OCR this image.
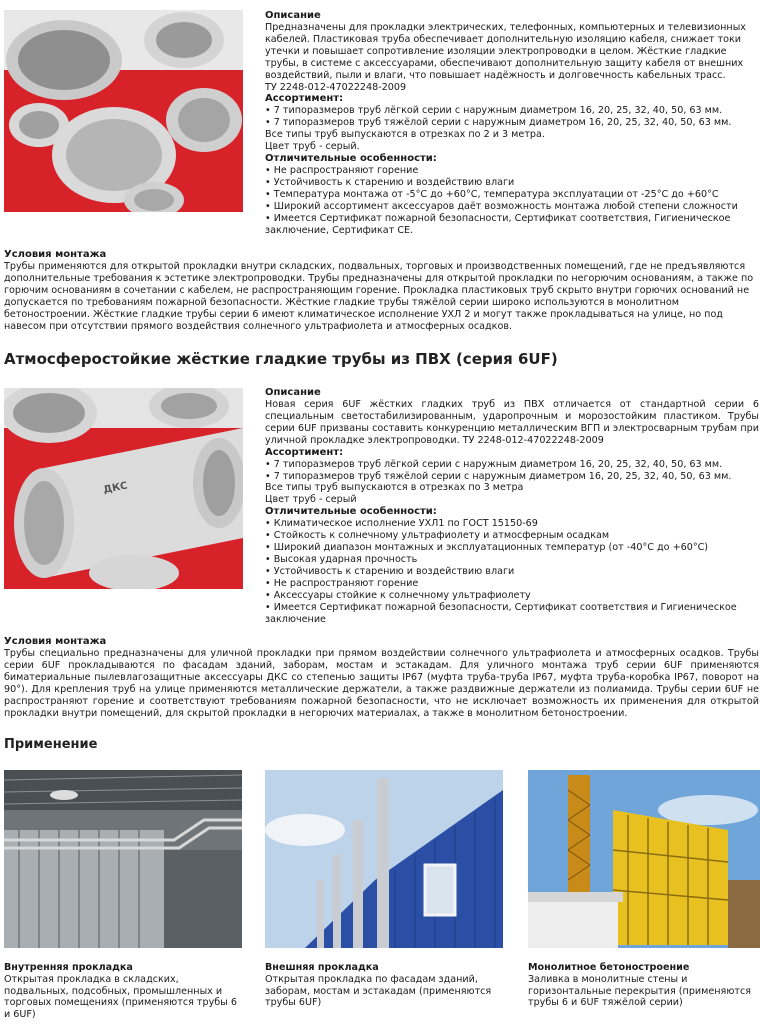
Описание

Предназначены для прокладки электрических, телефонных, компьютерных и телевизионных кабелей. Пластиковая труба обеспечивает дополнительную изоляцию кабеля, снижает токи утечки и повышает сопротивление изоляции электропроводки в целом. Жёсткие гладкие трубы, в системе с аксессуарами, обеспечивают дополнительную защиту кабеля от внешних воздействий, пыли и влаги, что повышает надёжность и долговечность кабельных трасс.

ТУ 2248-012-47022248-2009

Ассортимент:
• 7 типоразмеров труб лёгкой серии с наружным диаметром 16, 20, 25, 32, 40, 50, 63 мм.
• 7 типоразмеров труб тяжёлой серии с наружным диаметром 16, 20, 25, 32, 40, 50, 63 мм.

Все типы труб выпускаются в отрезках по 2 и 3 метра.

Цвет труб - серый.

Отличительные особенности:
• Не распространяют горение
• Устойчивость к старению и воздействию влаги
• Температура монтажа от -5°С до +60°С, температура эксплуатации от -25°С до +60°С
• Широкий ассортимент аксессуаров даёт возможность монтажа любой степени сложности
• Имеется Сертификат пожарной безопасности, Сертификат соответствия, Гигиеническое заключение, Сертификат СЕ.
Условия монтажа

Трубы применяются для открытой прокладки внутри складских, подвальных, торговых и производственных помещений, где не предъявляются дополнительные требования к эстетике электропроводки. Трубы предназначены для открытой прокладки по негорючим основаниям, а также по горючим основаниям в сочетании с кабелем, не распространяющим горение. Прокладка пластиковых труб скрыто внутри горючих оснований не допускается по требованиям пожарной безопасности. Жёсткие гладкие трубы тяжёлой серии широко используются в монолитном бетоностроении. Жёсткие гладкие трубы серии 6 имеют климатическое исполнение УХЛ 2 и могут также прокладываться на улице, но под навесом при отсутствии прямого воздействия солнечного ультрафиолета и атмосферных осадков.

Атмосферостойкие жёсткие гладкие трубы из ПВХ (серия 6UF)
ДКС
Описание

Новая серия 6UF жёстких гладких труб из ПВХ отличается от стандартной серии 6 специальным светостабилизированным, ударопрочным и морозостойким пластиком. Трубы серии 6UF призваны составить конкуренцию металлическим ВГП и электросварным трубам при уличной прокладке электропроводки. ТУ 2248-012-47022248-2009

Ассортимент:
• 7 типоразмеров труб лёгкой серии с наружным диаметром 16, 20, 25, 32, 40, 50, 63 мм.
• 7 типоразмеров труб тяжёлой серии с наружным диаметром 16, 20, 25, 32, 40, 50, 63 мм.

Все типы труб выпускаются в отрезках по 3 метра

Цвет труб - серый

Отличительные особенности:
• Климатическое исполнение УХЛ1 по ГОСТ 15150-69
• Стойкость к солнечному ультрафиолету и атмосферным осадкам
• Широкий диапазон монтажных и эксплуатационных температур (от -40°С до +60°С)
• Высокая ударная прочность
• Устойчивость к старению и воздействию влаги
• Не распространяют горение
• Аксессуары стойкие к солнечному ультрафиолету
• Имеется Сертификат пожарной безопасности, Сертификат соответствия и Гигиеническое заключение
Условия монтажа

Трубы специально предназначены для уличной прокладки при прямом воздействии солнечного ультрафиолета и атмосферных осадков. Трубы серии 6UF прокладываются по фасадам зданий, заборам, мостам и эстакадам. Для уличного монтажа труб серии 6UF применяются биматериальные пылевлагозащитные аксессуары ДКС со степенью защиты IP67 (муфта труба-труба IP67, муфта труба-коробка IP67, поворот на 90°). Для крепления труб на улице применяются металлические держатели, а также раздвижные держатели из полиамида. Трубы серии 6UF не распространяют горение и соответствуют требованиям пожарной безопасности, что не исключает возможность их применения для открытой прокладки внутри помещений, для скрытой прокладки в негорючих материалах, а также в монолитном бетоностроении.

Применение
Внутренняя прокладка
Открытая прокладка в складских, подвальных, подсобных, промышленных и торговых помещениях (применяются трубы 6 и 6UF)
Внешняя прокладка
Открытая прокладка по фасадам зданий, заборам, мостам и эстакадам (применяются трубы 6UF)
Монолитное бетоностроение
Заливка в монолитные стены и горизонтальные перекрытия (применяются трубы 6 и 6UF тяжёлой серии)
